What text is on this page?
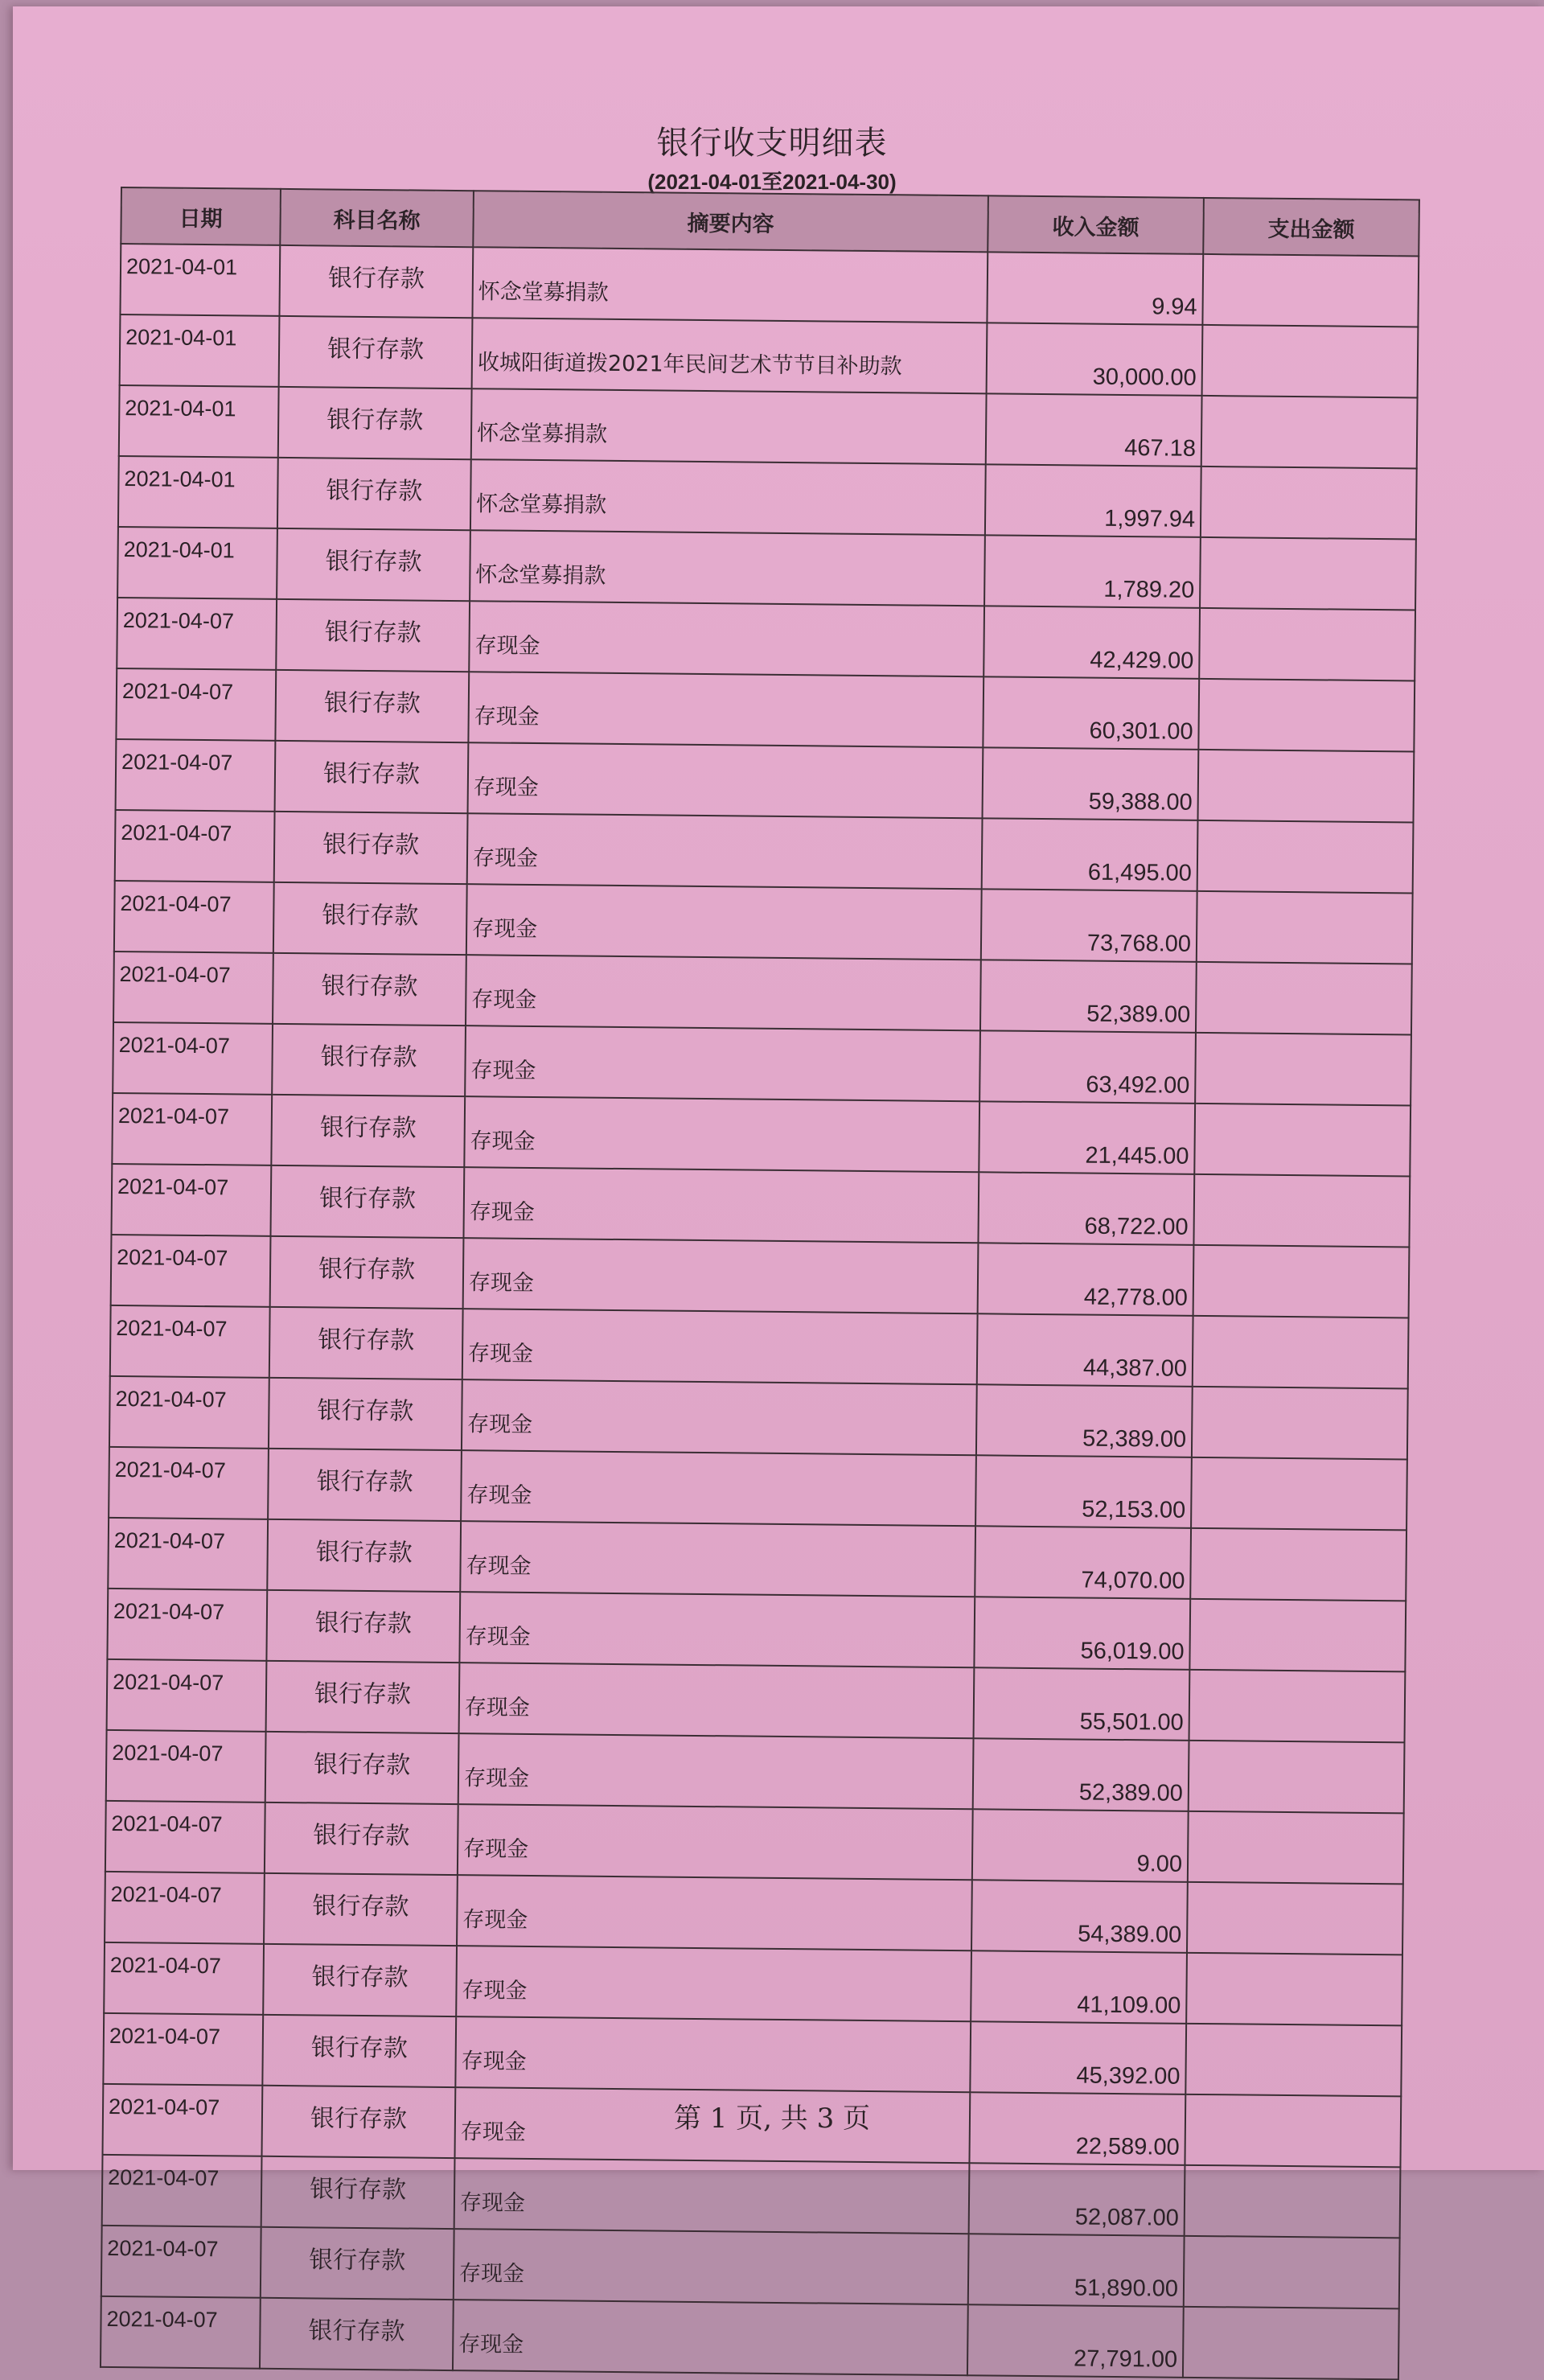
银行收支明细表
(2021-04-01至2021-04-30)
日期	科目名称	摘要内容	收入金额	支出金额
2021-04-01	银行存款	怀念堂募捐款	9.94	
2021-04-01	银行存款	收城阳街道拨2021年民间艺术节节目补助款	30,000.00	
2021-04-01	银行存款	怀念堂募捐款	467.18	
2021-04-01	银行存款	怀念堂募捐款	1,997.94	
2021-04-01	银行存款	怀念堂募捐款	1,789.20	
2021-04-07	银行存款	存现金	42,429.00	
2021-04-07	银行存款	存现金	60,301.00	
2021-04-07	银行存款	存现金	59,388.00	
2021-04-07	银行存款	存现金	61,495.00	
2021-04-07	银行存款	存现金	73,768.00	
2021-04-07	银行存款	存现金	52,389.00	
2021-04-07	银行存款	存现金	63,492.00	
2021-04-07	银行存款	存现金	21,445.00	
2021-04-07	银行存款	存现金	68,722.00	
2021-04-07	银行存款	存现金	42,778.00	
2021-04-07	银行存款	存现金	44,387.00	
2021-04-07	银行存款	存现金	52,389.00	
2021-04-07	银行存款	存现金	52,153.00	
2021-04-07	银行存款	存现金	74,070.00	
2021-04-07	银行存款	存现金	56,019.00	
2021-04-07	银行存款	存现金	55,501.00	
2021-04-07	银行存款	存现金	52,389.00	
2021-04-07	银行存款	存现金	9.00	
2021-04-07	银行存款	存现金	54,389.00	
2021-04-07	银行存款	存现金	41,109.00	
2021-04-07	银行存款	存现金	45,392.00	
2021-04-07	银行存款	存现金	22,589.00	
2021-04-07	银行存款	存现金	52,087.00	
2021-04-07	银行存款	存现金	51,890.00	
2021-04-07	银行存款	存现金	27,791.00	
第 1 页, 共 3 页
